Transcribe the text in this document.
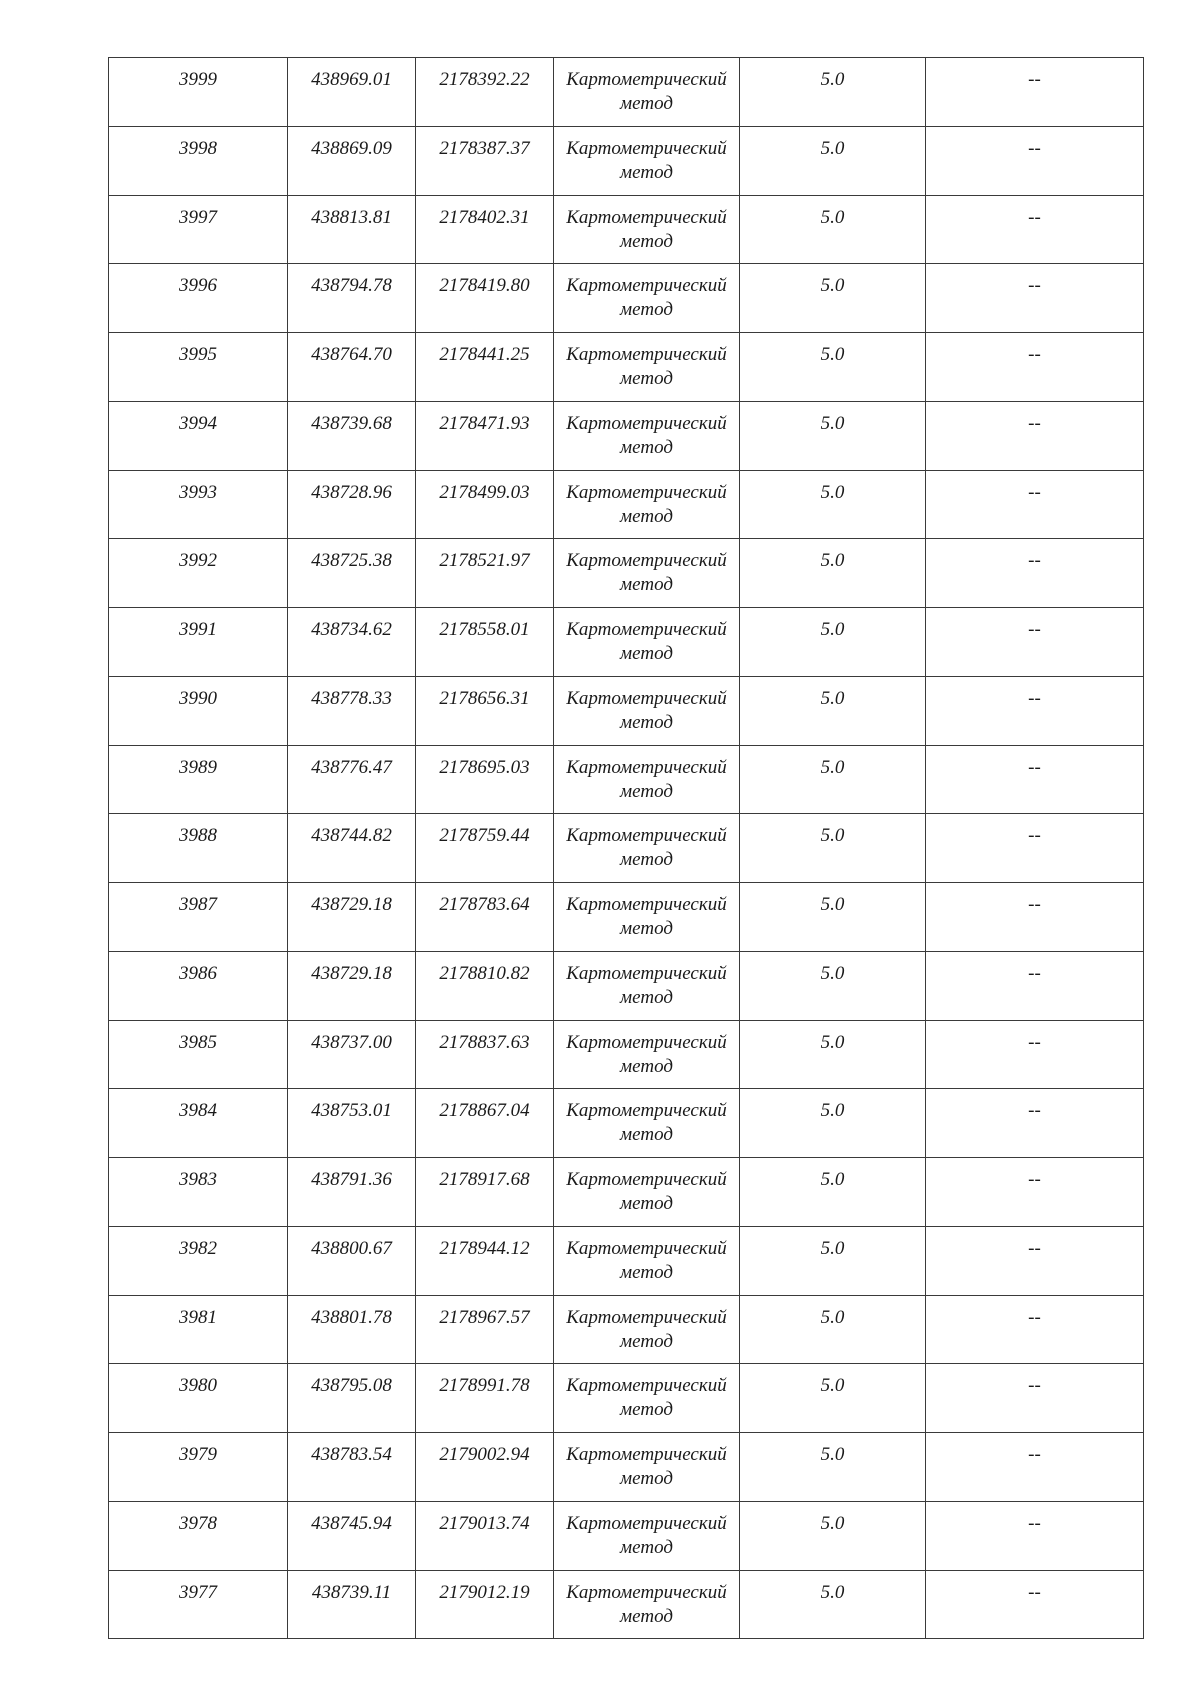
3999	438969.01	2178392.22	Картометрический метод	5.0	--
3998	438869.09	2178387.37	Картометрический метод	5.0	--
3997	438813.81	2178402.31	Картометрический метод	5.0	--
3996	438794.78	2178419.80	Картометрический метод	5.0	--
3995	438764.70	2178441.25	Картометрический метод	5.0	--
3994	438739.68	2178471.93	Картометрический метод	5.0	--
3993	438728.96	2178499.03	Картометрический метод	5.0	--
3992	438725.38	2178521.97	Картометрический метод	5.0	--
3991	438734.62	2178558.01	Картометрический метод	5.0	--
3990	438778.33	2178656.31	Картометрический метод	5.0	--
3989	438776.47	2178695.03	Картометрический метод	5.0	--
3988	438744.82	2178759.44	Картометрический метод	5.0	--
3987	438729.18	2178783.64	Картометрический метод	5.0	--
3986	438729.18	2178810.82	Картометрический метод	5.0	--
3985	438737.00	2178837.63	Картометрический метод	5.0	--
3984	438753.01	2178867.04	Картометрический метод	5.0	--
3983	438791.36	2178917.68	Картометрический метод	5.0	--
3982	438800.67	2178944.12	Картометрический метод	5.0	--
3981	438801.78	2178967.57	Картометрический метод	5.0	--
3980	438795.08	2178991.78	Картометрический метод	5.0	--
3979	438783.54	2179002.94	Картометрический метод	5.0	--
3978	438745.94	2179013.74	Картометрический метод	5.0	--
3977	438739.11	2179012.19	Картометрический метод	5.0	--
